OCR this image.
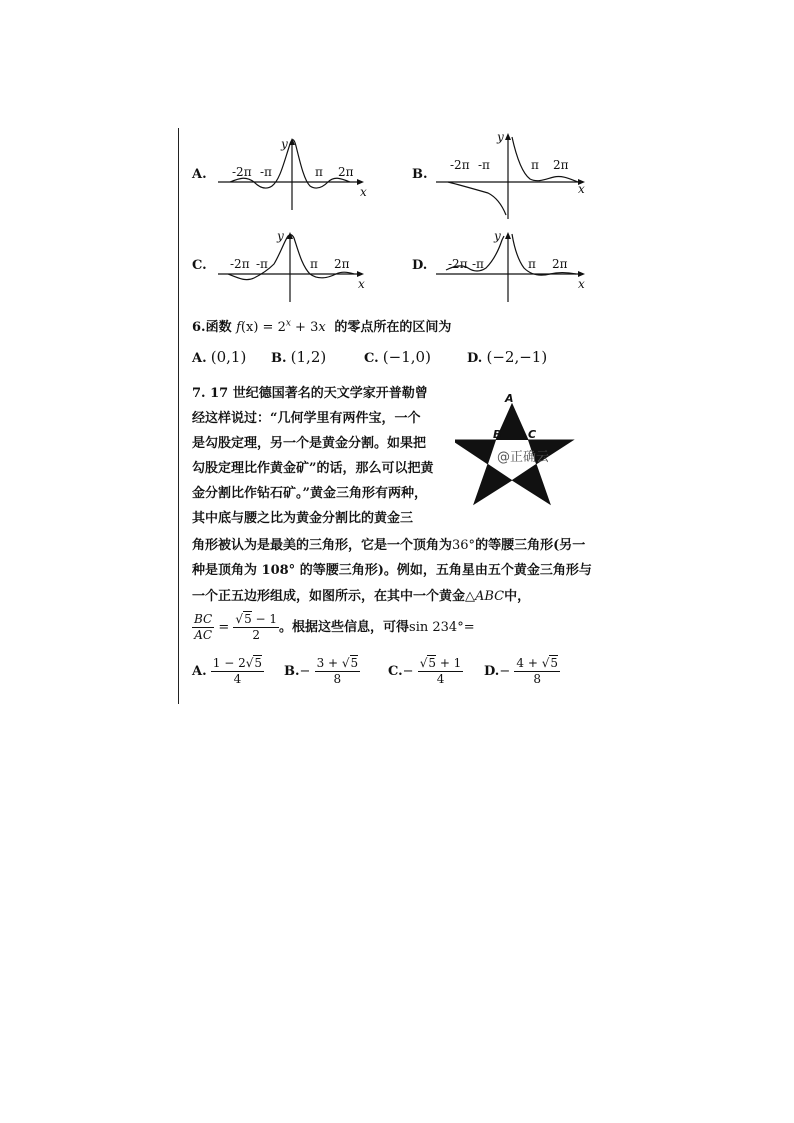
A.
y
x
-2π -π	π 2π	B.
y
x
-2π -π	π 2π
C.
y
x
-2π -π	π 2π	D.
y
x
-2π -π	π 2π
6.函数 $f(x) = 2^x + 3x$ 的零点所在的区间为
A. (0,1) B. (1,2)	C. (−1,0)	D. (−2,−1)
7. 17 世纪德国著名的天文学家开普勒曾
经这样说过：“几何学里有两件宝，一个
是勾股定理，另一个是黄金分割。如果把
勾股定理比作黄金矿”的话，那么可以把黄
金分割比作钻石矿。”黄金三角形有两种，
其中底与腰之比为黄金分割比的黄金三
角形被认为是最美的三角形，它是一个顶角为36°的等腰三角形(另一
种是顶角为 108° 的等腰三角形)。例如，五角星由五个黄金三角形与
一个正五边形组成，如图所示，在其中一个黄金△ABC中，
$\frac{BC}{AC} = \frac{√5 - 1}{2}$ 。根据这些信息，可得sin 234°=
A
B C
@正确云
A. $\frac{1 - 2√5}{4} B.- \frac{3 + √5}{8} C.- \frac{√5 + 1}{4} D.- \frac{4 + √5}{8}$
